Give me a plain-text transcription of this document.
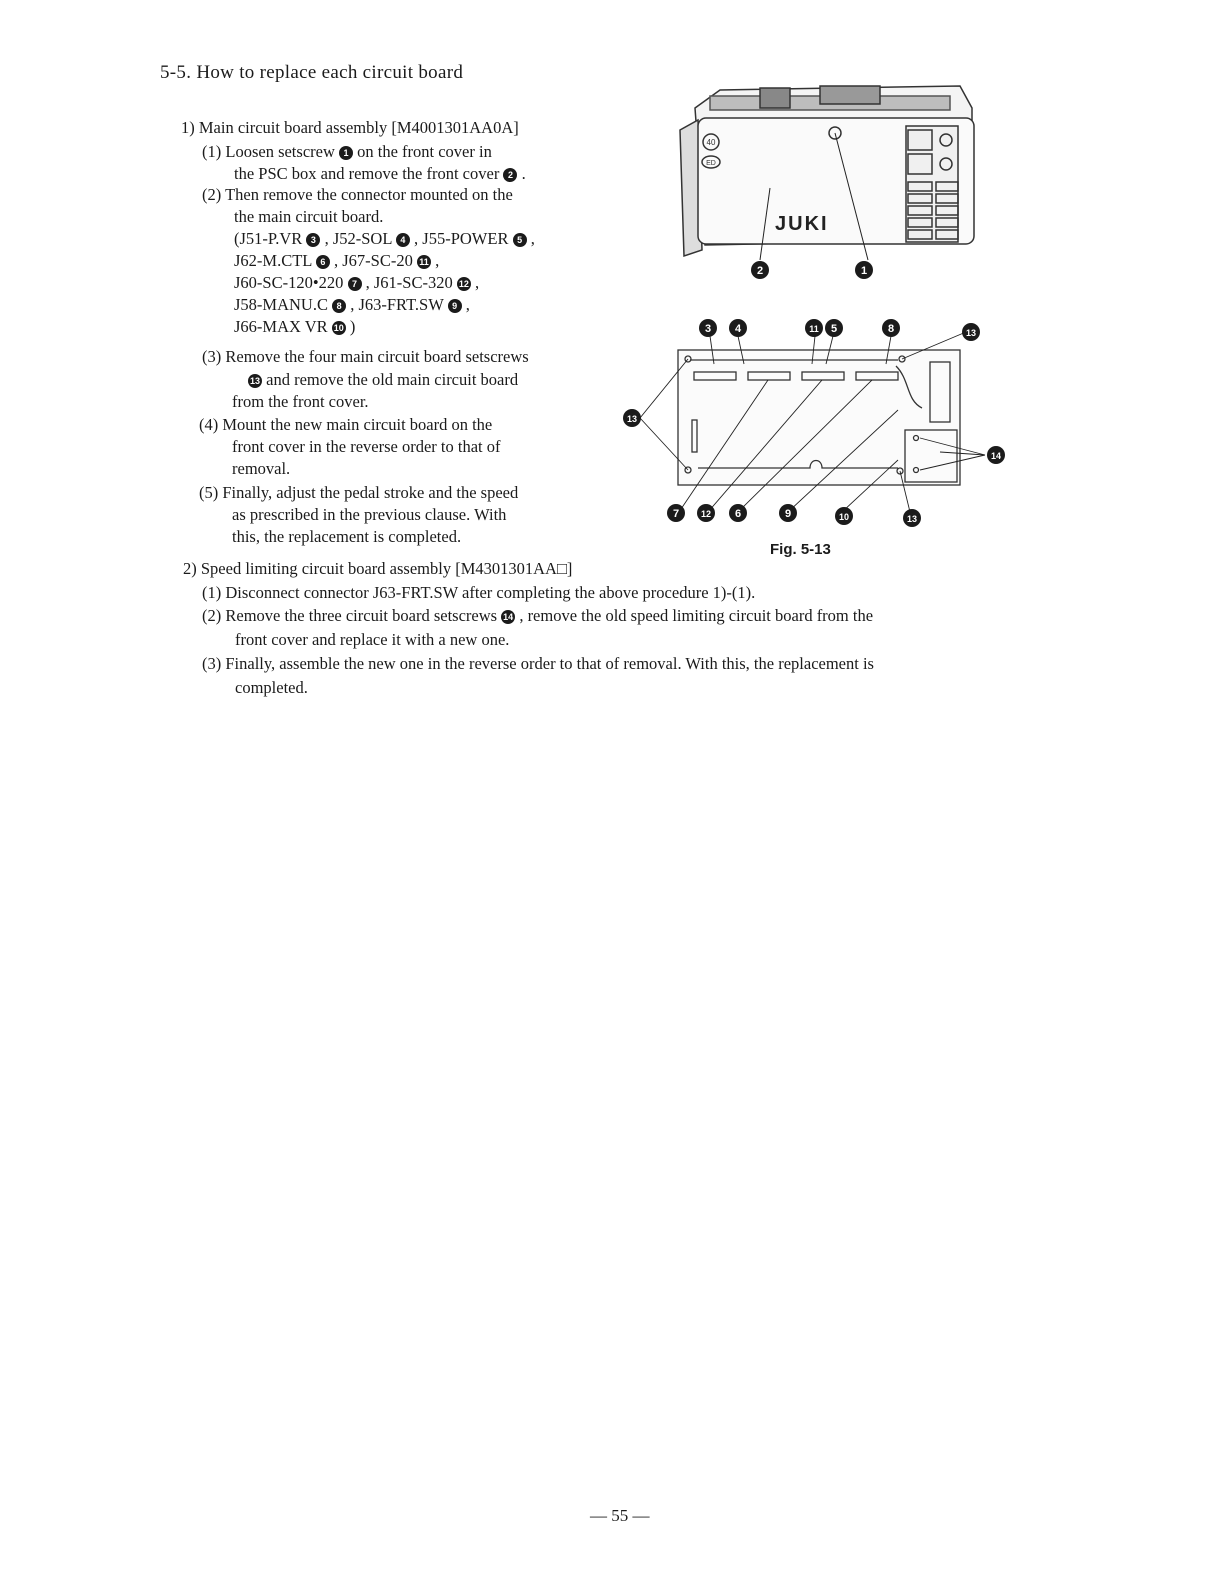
5-5. How to replace each circuit board
1) Main circuit board assembly [M4001301AA0A]
(1) Loosen setscrew 1 on the front cover in
the PSC box and remove the front cover 2 .
(2) Then remove the connector mounted on the
the main circuit board.
(J51-P.VR 3 , J52-SOL 4 , J55-POWER 5 ,
J62-M.CTL 6 , J67-SC-20 11 ,
J60-SC-120•220 7 , J61-SC-320 12 ,
J58-MANU.C 8 , J63-FRT.SW 9 ,
J66-MAX VR 10 )
(3) Remove the four main circuit board setscrews
13 and remove the old main circuit board
from the front cover.
(4) Mount the new main circuit board on the
front cover in the reverse order to that of
removal.
(5) Finally, adjust the pedal stroke and the speed
as prescribed in the previous clause. With
this, the replacement is completed.
2) Speed limiting circuit board assembly [M4301301AA□]
(1) Disconnect connector J63-FRT.SW after completing the above procedure 1)-(1).
(2) Remove the three circuit board setscrews 14 , remove the old speed limiting circuit board from the
front cover and replace it with a new one.
(3) Finally, assemble the new one in the reverse order to that of removal. With this, the replacement is
completed.
40
ED
JUKI
1
2
3 4	11 5	8	13
13
14
7 12 6	9	10	13
Fig. 5-13
— 55 —
